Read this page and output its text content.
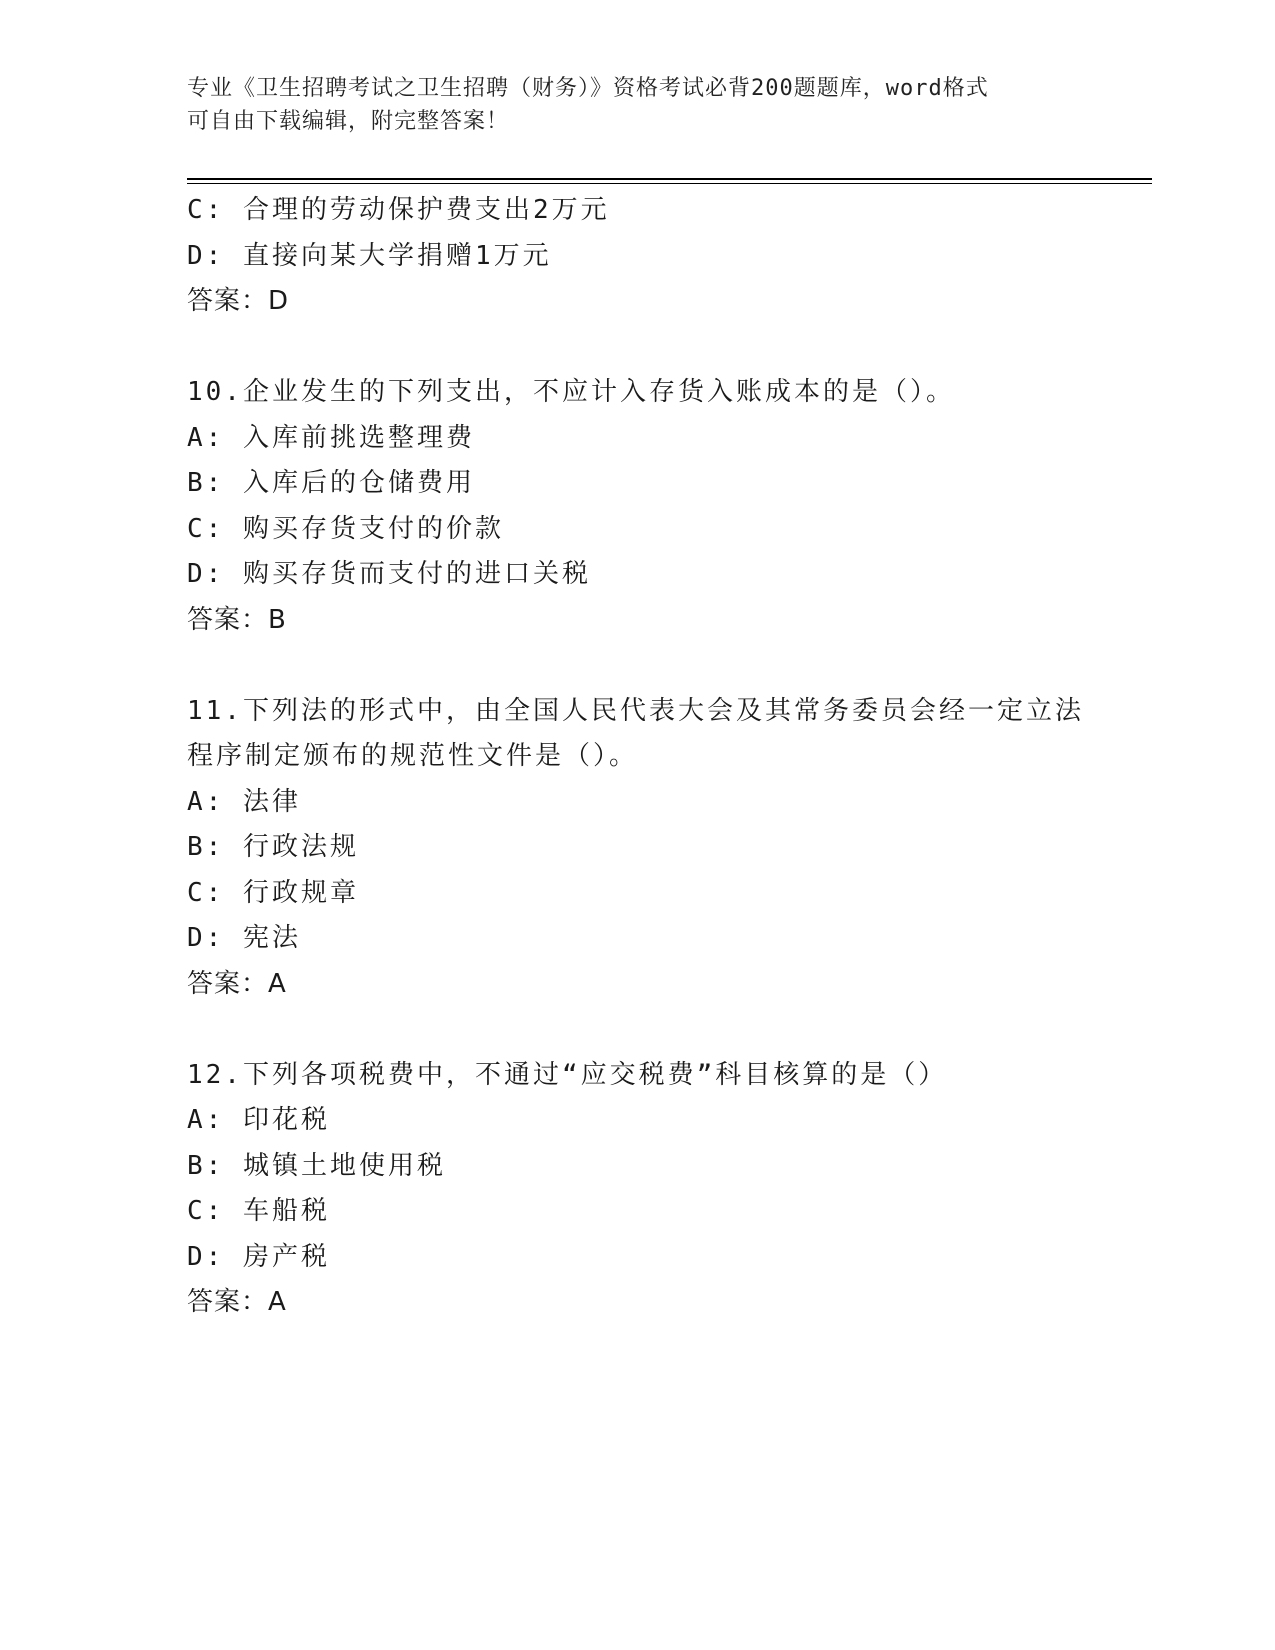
专业《卫生招聘考试之卫生招聘（财务）》资格考试必背200题题库，word格式
可自由下载编辑，附完整答案！
C: 合理的劳动保护费支出2万元
D: 直接向某大学捐赠1万元
答案：D
10.企业发生的下列支出，不应计入存货入账成本的是（）。
A: 入库前挑选整理费
B: 入库后的仓储费用
C: 购买存货支付的价款
D: 购买存货而支付的进口关税
答案：B
11.下列法的形式中，由全国人民代表大会及其常务委员会经一定立法
程序制定颁布的规范性文件是（）。
A: 法律
B: 行政法规
C: 行政规章
D: 宪法
答案：A
12.下列各项税费中，不通过“应交税费”科目核算的是（）
A: 印花税
B: 城镇土地使用税
C: 车船税
D: 房产税
答案：A
